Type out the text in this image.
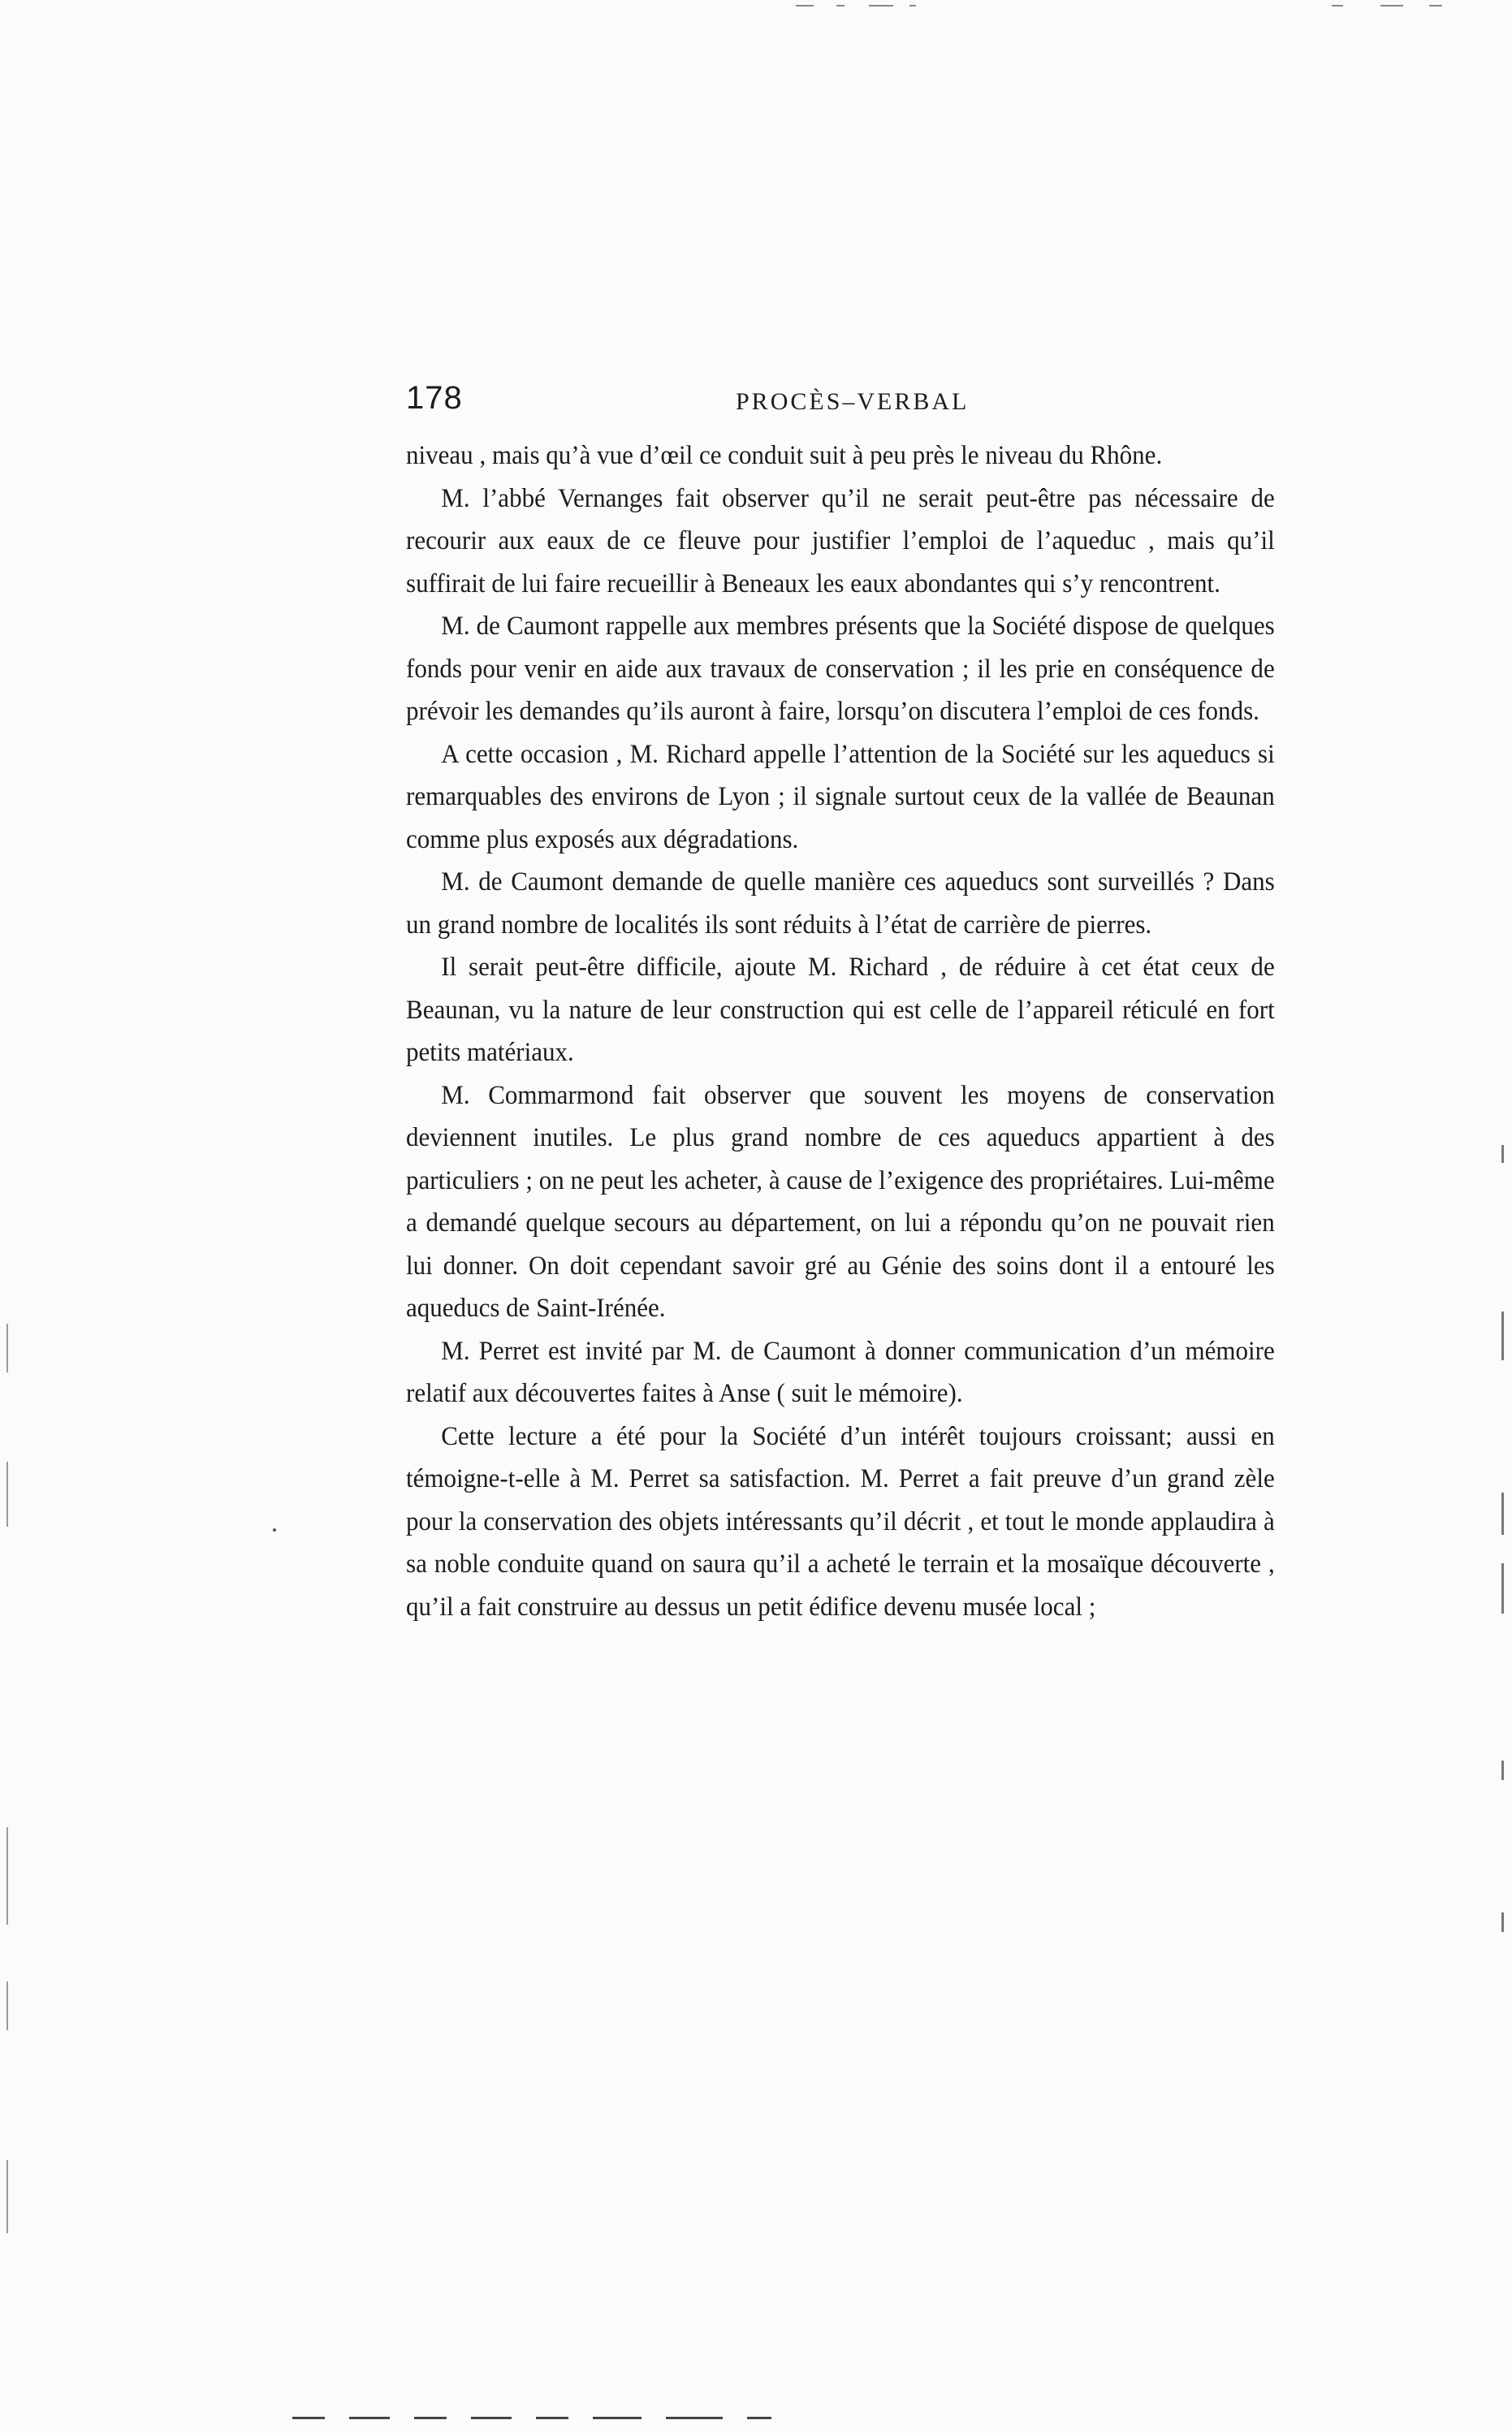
178	PROCÈS–VERBAL

niveau , mais qu’à vue d’œil ce conduit suit à peu près le niveau du Rhône.

M. l’abbé Vernanges fait observer qu’il ne serait peut-être pas nécessaire de recourir aux eaux de ce fleuve pour justifier l’emploi de l’aqueduc , mais qu’il suffirait de lui faire recueillir à Beneaux les eaux abondantes qui s’y rencontrent.

M. de Caumont rappelle aux membres présents que la Société dispose de quelques fonds pour venir en aide aux travaux de conservation ; il les prie en conséquence de prévoir les demandes qu’ils auront à faire, lorsqu’on discutera l’emploi de ces fonds.

A cette occasion , M. Richard appelle l’attention de la Société sur les aqueducs si remarquables des environs de Lyon ; il signale surtout ceux de la vallée de Beaunan comme plus exposés aux dégradations.

M. de Caumont demande de quelle manière ces aqueducs sont surveillés ? Dans un grand nombre de localités ils sont réduits à l’état de carrière de pierres.

Il serait peut-être difficile, ajoute M. Richard , de réduire à cet état ceux de Beaunan, vu la nature de leur construction qui est celle de l’appareil réticulé en fort petits matériaux.

M. Commarmond fait observer que souvent les moyens de conservation deviennent inutiles. Le plus grand nombre de ces aqueducs appartient à des particuliers ; on ne peut les acheter, à cause de l’exigence des propriétaires. Lui-même a demandé quelque secours au département, on lui a répondu qu’on ne pouvait rien lui donner. On doit cependant savoir gré au Génie des soins dont il a entouré les aqueducs de Saint-Irénée.

M. Perret est invité par M. de Caumont à donner communication d’un mémoire relatif aux découvertes faites à Anse ( suit le mémoire).

Cette lecture a été pour la Société d’un intérêt toujours croissant; aussi en témoigne-t-elle à M. Perret sa satisfaction. M. Perret a fait preuve d’un grand zèle pour la conservation des objets intéressants qu’il décrit , et tout le monde applaudira à sa noble conduite quand on saura qu’il a acheté le terrain et la mosaïque découverte , qu’il a fait construire au dessus un petit édifice devenu musée local ;
